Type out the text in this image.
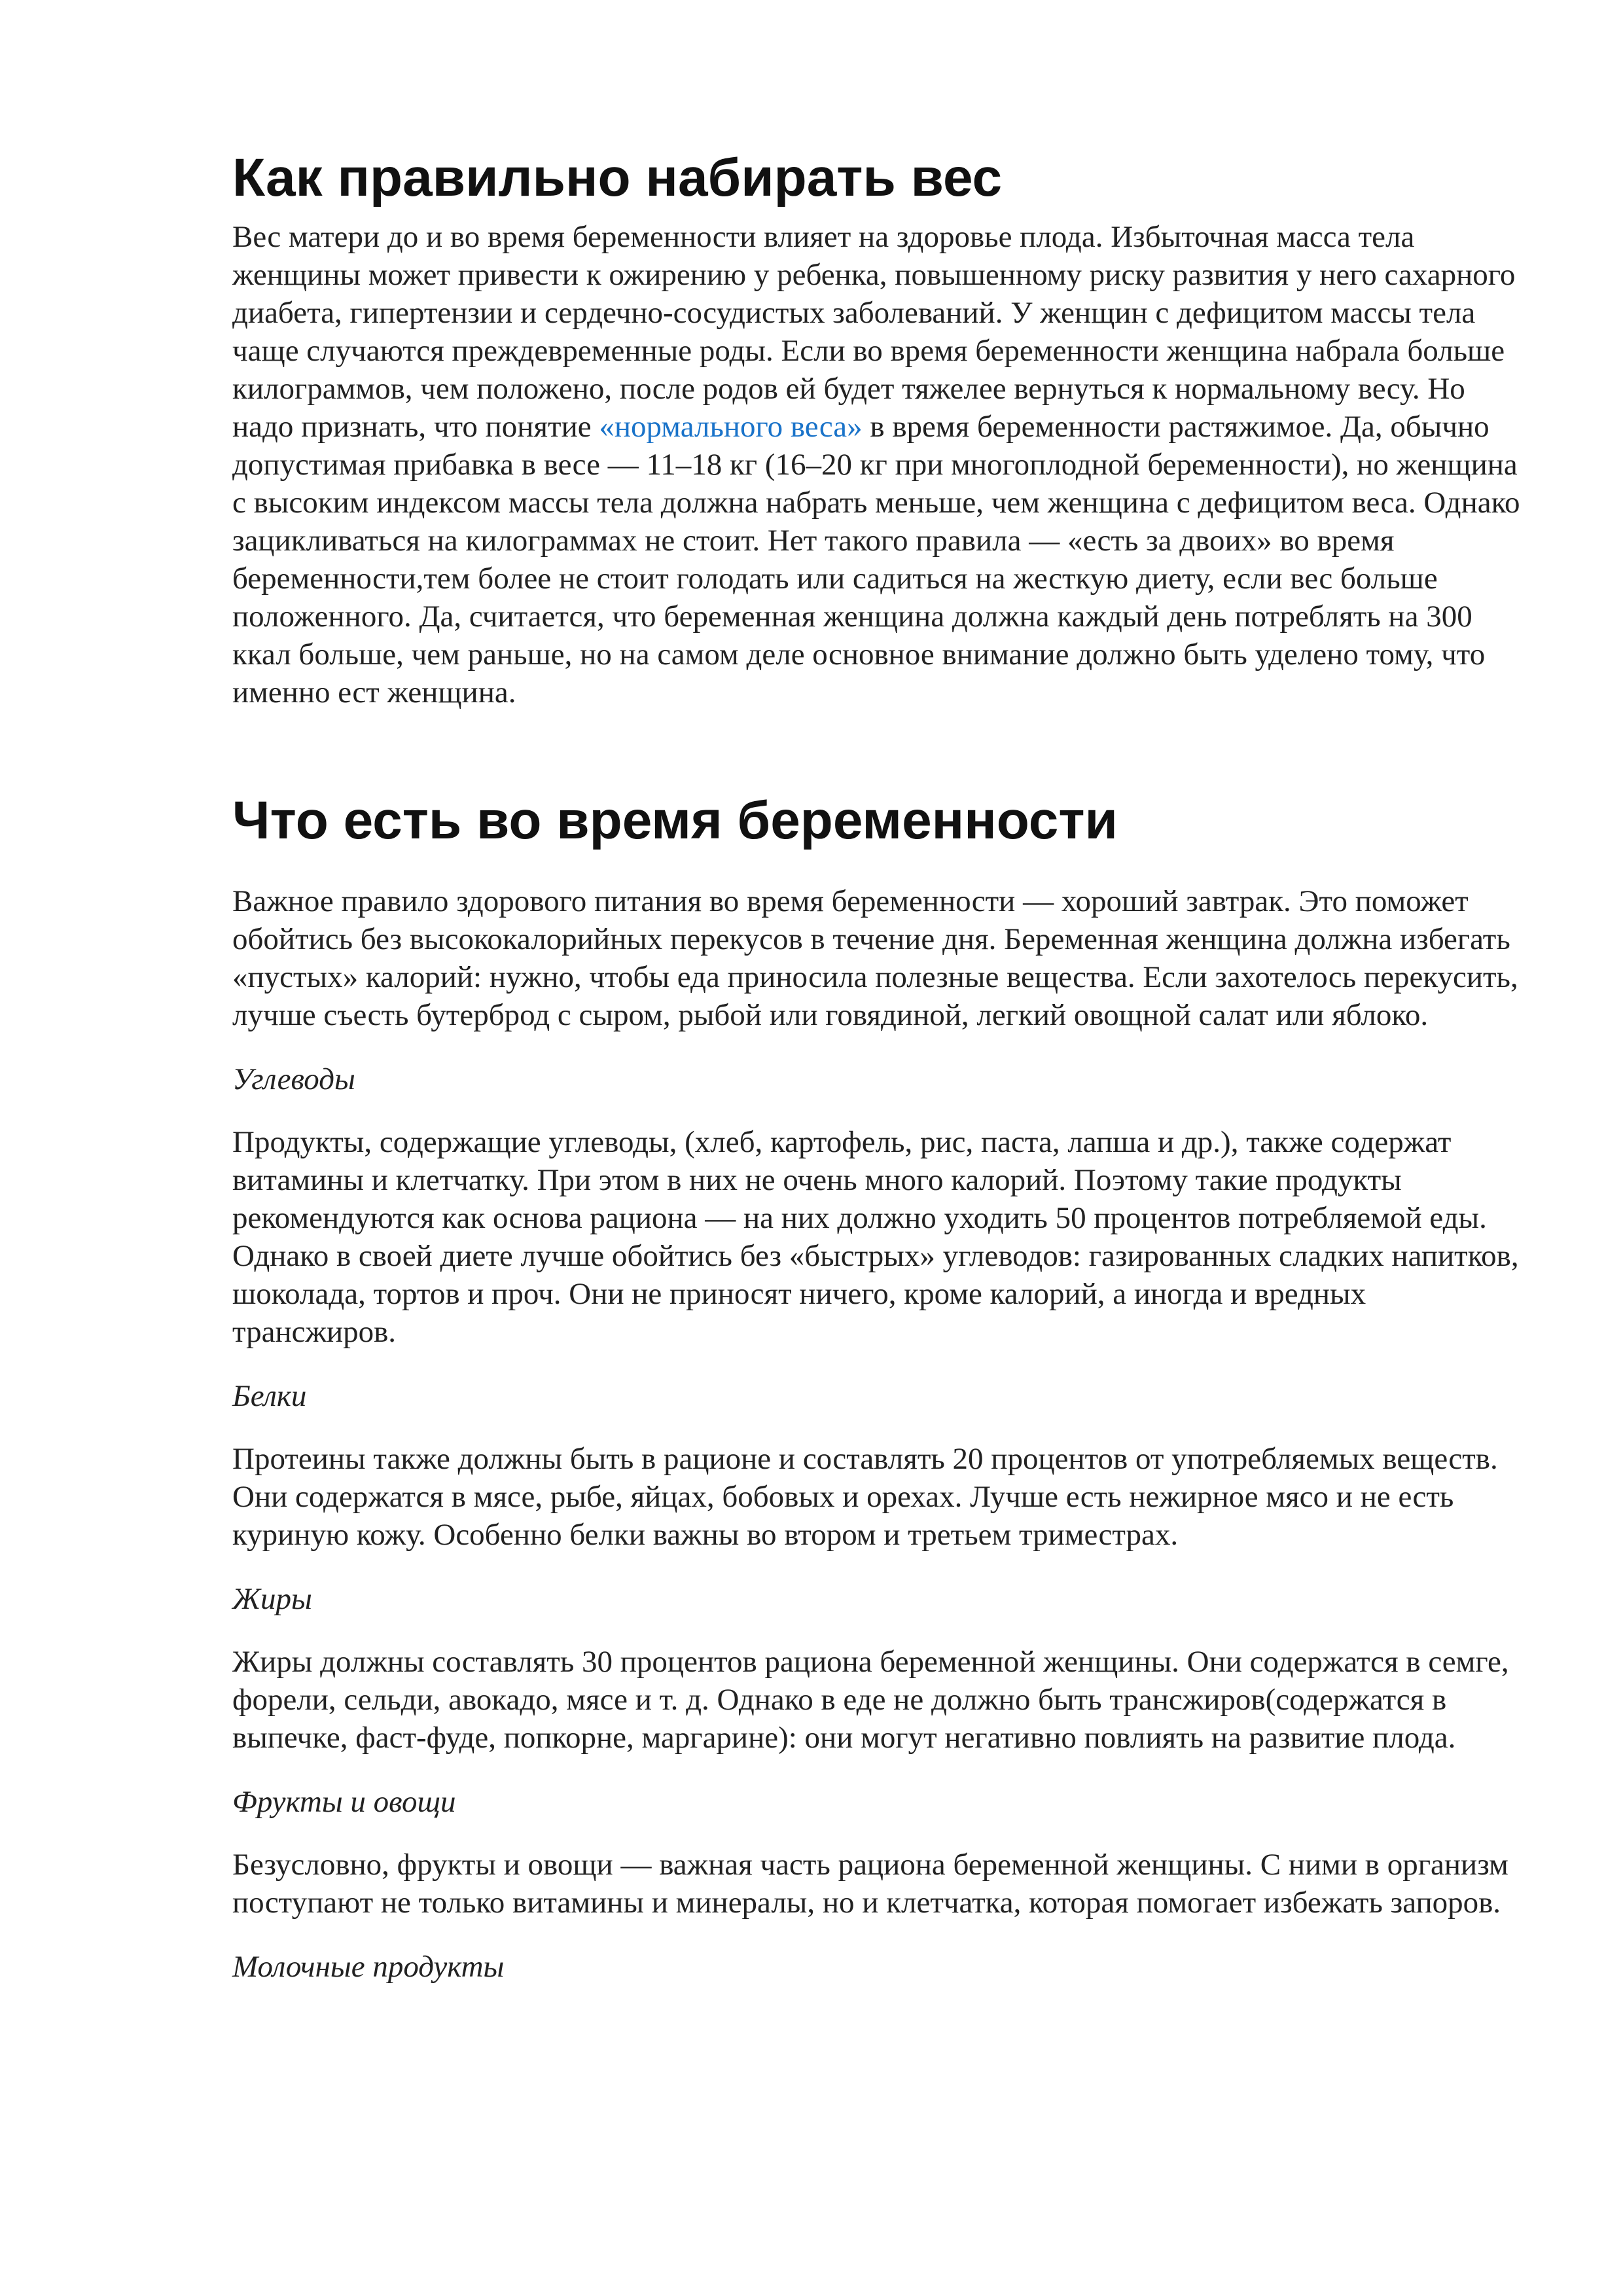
Как правильно набирать вес

Вес матери до и во время беременности влияет на здоровье плода. Избыточная масса тела женщины может привести к ожирению у ребенка, повышенному риску развития у него сахарного диабета, гипертензии и сердечно-сосудистых заболеваний. У женщин с дефицитом массы тела чаще случаются преждевременные роды. Если во время беременности женщина набрала больше килограммов, чем положено, после родов ей будет тяжелее вернуться к нормальному весу. Но надо признать, что понятие «нормального веса» в время беременности растяжимое. Да, обычно допустимая прибавка в весе — 11–18 кг (16–20 кг при многоплодной беременности), но женщина с высоким индексом массы тела должна набрать меньше, чем женщина с дефицитом веса. Однако зацикливаться на килограммах не стоит. Нет такого правила — «есть за двоих» во время беременности,тем более не стоит голодать или садиться на жесткую диету, если вес больше положенного. Да, считается, что беременная женщина должна каждый день потреблять на 300 ккал больше, чем раньше, но на самом деле основное внимание должно быть уделено тому, что именно ест женщина.

Что есть во время беременности

Важное правило здорового питания во время беременности — хороший завтрак. Это поможет обойтись без высококалорийных перекусов в течение дня. Беременная женщина должна избегать «пустых» калорий: нужно, чтобы еда приносила полезные вещества. Если захотелось перекусить, лучше съесть бутерброд с сыром, рыбой или говядиной, легкий овощной салат или яблоко.

Углеводы

Продукты, содержащие углеводы, (хлеб, картофель, рис, паста, лапша и др.), также содержат витамины и клетчатку. При этом в них не очень много калорий. Поэтому такие продукты рекомендуются как основа рациона — на них должно уходить 50 процентов потребляемой еды. Однако в своей диете лучше обойтись без «быстрых» углеводов: газированных сладких напитков, шоколада, тортов и проч. Они не приносят ничего, кроме калорий, а иногда и вредных трансжиров.

Белки

Протеины также должны быть в рационе и составлять 20 процентов от употребляемых веществ. Они содержатся в мясе, рыбе, яйцах, бобовых и орехах. Лучше есть нежирное мясо и не есть куриную кожу. Особенно белки важны во втором и третьем триместрах.

Жиры

Жиры должны составлять 30 процентов рациона беременной женщины. Они содержатся в семге, форели, сельди, авокадо, мясе и т. д. Однако в еде не должно быть трансжиров(содержатся в выпечке, фаст-фуде, попкорне, маргарине): они могут негативно повлиять на развитие плода.

Фрукты и овощи

Безусловно, фрукты и овощи — важная часть рациона беременной женщины. С ними в организм поступают не только витамины и минералы, но и клетчатка, которая помогает избежать запоров.

Молочные продукты
